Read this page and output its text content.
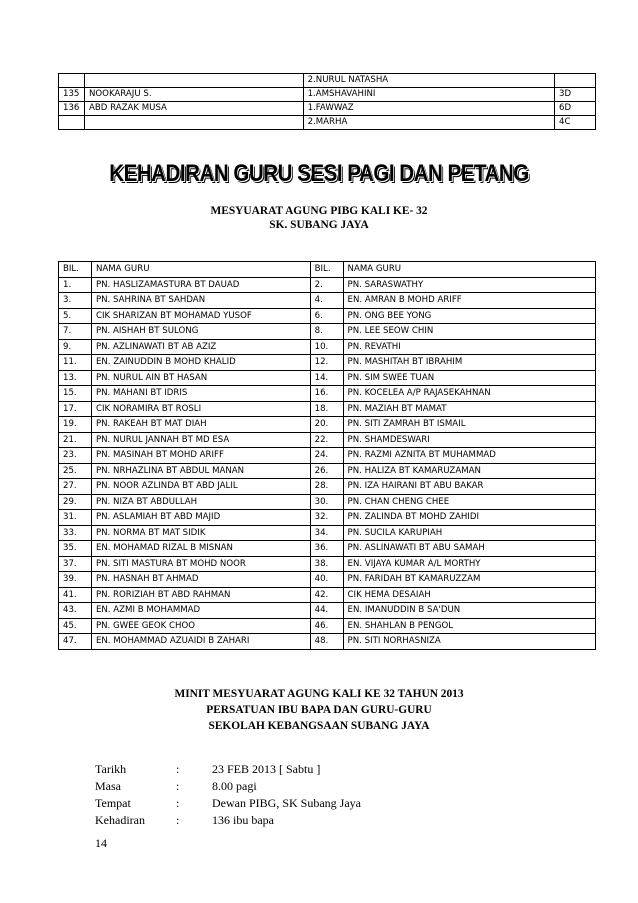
		2.NURUL NATASHA	
135	NOOKARAJU S.	1.AMSHAVAHINI	3D
136	ABD RAZAK MUSA	1.FAWWAZ	6D
		2.MARHA	4C
KEHADIRAN GURU SESI PAGI DAN PETANG
MESYUARAT AGUNG PIBG KALI KE- 32
SK. SUBANG JAYA
BIL.	NAMA GURU	BIL.	NAMA GURU
1.	PN. HASLIZAMASTURA BT DAUAD	2.	PN. SARASWATHY
3.	PN. SAHRINA BT SAHDAN	4.	EN. AMRAN B MOHD ARIFF
5.	CIK SHARIZAN BT MOHAMAD YUSOF	6.	PN. ONG BEE YONG
7.	PN. AISHAH BT SULONG	8.	PN. LEE SEOW CHIN
9.	PN. AZLINAWATI BT AB AZIZ	10.	PN. REVATHI
11.	EN. ZAINUDDIN B MOHD KHALID	12.	PN. MASHITAH BT IBRAHIM
13.	PN. NURUL AIN BT HASAN	14.	PN. SIM SWEE TUAN
15.	PN. MAHANI BT IDRIS	16.	PN. KOCELEA A/P RAJASEKAHNAN
17.	CIK NORAMIRA BT ROSLI	18.	PN. MAZIAH BT MAMAT
19.	PN. RAKEAH BT MAT DIAH	20.	PN. SITI ZAMRAH BT ISMAIL
21.	PN. NURUL JANNAH BT MD ESA	22.	PN. SHAMDESWARI
23.	PN. MASINAH BT MOHD ARIFF	24.	PN. RAZMI AZNITA BT MUHAMMAD
25.	PN. NRHAZLINA BT ABDUL MANAN	26.	PN. HALIZA BT KAMARUZAMAN
27.	PN. NOOR AZLINDA BT ABD JALIL	28.	PN. IZA HAIRANI BT ABU BAKAR
29.	PN. NIZA BT ABDULLAH	30.	PN. CHAN CHENG CHEE
31.	PN. ASLAMIAH BT ABD MAJID	32.	PN. ZALINDA BT MOHD ZAHIDI
33.	PN. NORMA BT MAT SIDIK	34.	PN. SUCILA KARUPIAH
35.	EN. MOHAMAD RIZAL B MISNAN	36.	PN. ASLINAWATI BT ABU SAMAH
37.	PN. SITI MASTURA BT MOHD NOOR	38.	EN. VIJAYA KUMAR A/L MORTHY
39.	PN. HASNAH BT AHMAD	40.	PN. FARIDAH BT KAMARUZZAM
41.	PN. RORIZIAH BT ABD RAHMAN	42.	CIK HEMA DESAIAH
43.	EN. AZMI B MOHAMMAD	44.	EN. IMANUDDIN B SA'DUN
45.	PN. GWEE GEOK CHOO	46.	EN. SHAHLAN B PENGOL
47.	EN. MOHAMMAD AZUAIDI B ZAHARI	48.	PN. SITI NORHASNIZA
MINIT MESYUARAT AGUNG KALI KE 32 TAHUN 2013
PERSATUAN IBU BAPA DAN GURU-GURU
SEKOLAH KEBANGSAAN SUBANG JAYA
Tarikh	:	23 FEB 2013 [ Sabtu ]
Masa	:	8.00 pagi
Tempat	:	Dewan PIBG, SK Subang Jaya
Kehadiran	:	136 ibu bapa
14
